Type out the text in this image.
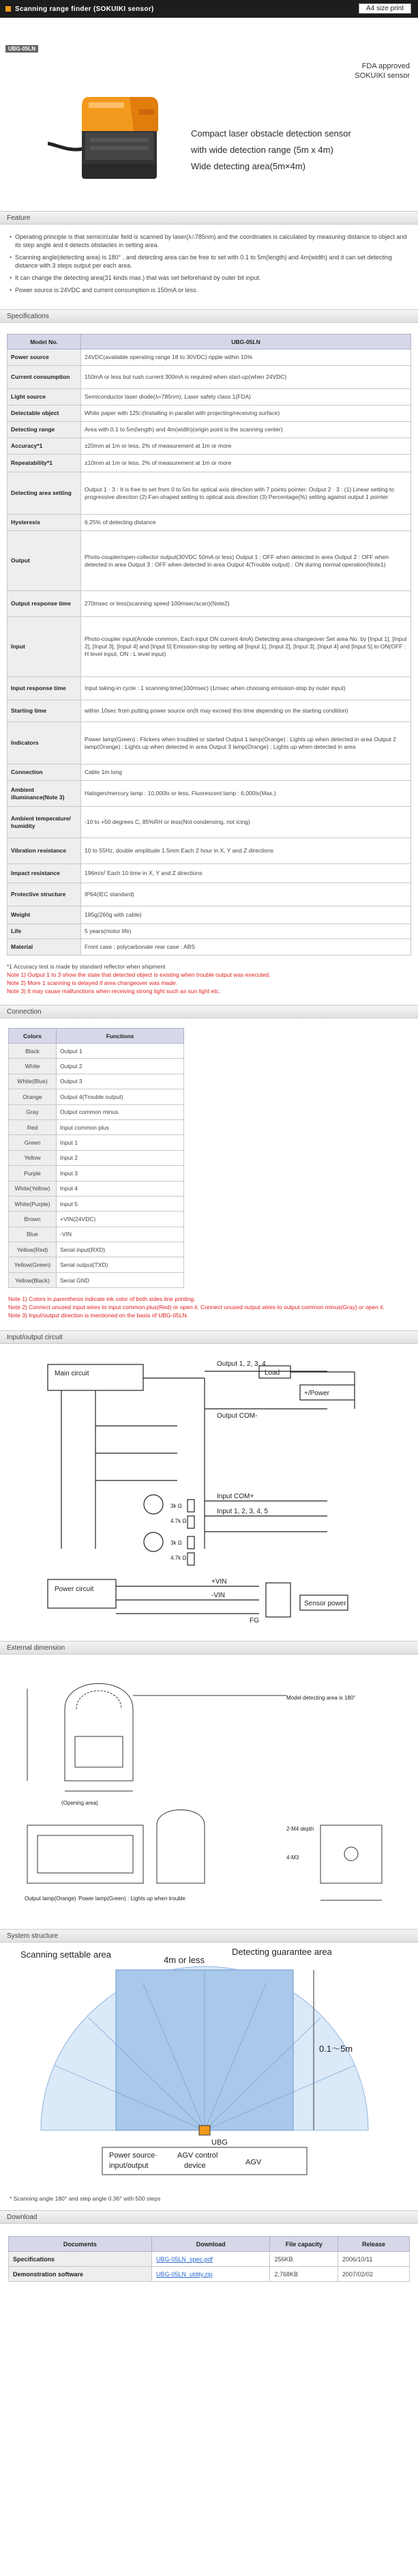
Scanning range finder (SOKUIKI sensor)	A4 size print
UBG-05LN
FDA approved
SOKUIKI sensor
Compact laser obstacle detection sensor
with wide detection range (5m x 4m)
Wide detecting area(5m×4m)
Feature
• Operating principle is that semicircular field is scanned by laser(λ=785nm) and the coordinates is calculated by measuring distance to object and its step angle and it detects obstacles in setting area.
• Scanning angle(detecting area) is 180° , and detecting area can be free to set with 0.1 to 5m(length) and 4m(width) and it can set detecting distance with 3 steps output per each area.
• It can change the detecting area(31 kinds max.) that was set beforehand by outer bit input.
• Power source is 24VDC and current consumption is 150mA or less.
Specifications
Model No.	UBG-05LN
Power source	24VDC(available operating range 18 to 30VDC) ripple within 10%
Current consumption	150mA or less but rush current 300mA is required when start-up(when 24VDC)
Light source	Semiconductor laser diode(λ=785nm), Laser safety class 1(FDA)
Detectable object	White paper with 125□(Installing in parallel with projecting/receiving surface)
Detecting range	Area with 0.1 to 5m(length) and 4m(width)(origin point is the scanning center)
Accuracy*1	±20mm at 1m or less, 2% of measurement at 1m or more
Repeatability*1	±10mm at 1m or less, 2% of measurement at 1m or more
Detecting area setting	Output 1 · 3 : It is free to set from 0 to 5m for optical axis direction with 7 points pointer. Output 2 · 3 : (1) Linear setting to progressive direction (2) Fan-shaped setting to optical axis direction (3) Percentage(%) setting against output 1 pointer
Hysteresis	6.25% of detecting distance
Output	Photo-coupler/open-collector output(30VDC 50mA or less) Output 1 : OFF when detected in area Output 2 : OFF when detected in area Output 3 : OFF when detected in area Output 4(Trouble output) : ON during normal operation(Note1)
Output response time	270msec or less(scanning speed 100msec/scan)(Note2)
Input	Photo-coupler input(Anode common, Each input ON current 4mA) Detecting area changeover Set area No. by [Input 1], [Input 2], [Input 3], [Input 4] and [Input 5] Emission-stop by setting all [Input 1], [Input 2], [Input 3], [Input 4] and [Input 5] to ON(OFF : H level input, ON : L level input)
Input response time	Input taking-in cycle : 1 scanning time(100msec) (1msec when choosing emission-stop by outer input)
Starting time	within 10sec from putting power source on(It may exceed this time depending on the starting condition)
Indicators	Power lamp(Green) : Flickers when troubled or started Output 1 lamp(Orange) : Lights up when detected in area Output 2 lamp(Orange) : Lights up when detected in area Output 3 lamp(Orange) : Lights up when detected in area
Connection	Cable 1m long
Ambient illuminance(Note 3)	Halogen/mercury lamp : 10,000lx or less, Fluorescent lamp : 6,000lx(Max.)
Ambient temperature/ humidity	-10 to +50 degrees C, 85%RH or less(Not condensing, not icing)
Vibration resistance	10 to 55Hz, double amplitude 1.5mm Each 2 hour in X, Y and Z directions
Impact resistance	196m/s² Each 10 time in X, Y and Z directions
Protective structure	IP64(IEC standard)
Weight	185g(260g with cable)
Life	5 years(motor life)
Material	Front case : polycarbonate rear case : ABS
*1 Accuracy test is made by standard reflector when shipment
Note 1) Output 1 to 3 show the state that detected object is existing when trouble output was executed.
Note 2) More 1 scanning is delayed if area changeover was made.
Note 3) It may cause malfunctions when receiving strong light such as sun light etc.
Connection
Colors	Functions
Black	Output 1
White	Output 2
White(Blue)	Output 3
Orange	Output 4(Trouble output)
Gray	Output common minus
Red	Input common plus
Green	Input 1
Yellow	Input 2
Purple	Input 3
White(Yellow)	Input 4
White(Purple)	Input 5
Brown	+VIN(24VDC)
Blue	-VIN
Yellow(Red)	Serial input(RXD)
Yellow(Green)	Serial output(TXD)
Yellow(Black)	Serial GND
Note 1) Colors in parenthesis indicate ink color of both sides line printing.
Note 2) Connect unused input wires to input common plus(Red) or open it. Connect unused output wires to output common minus(Gray) or open it.
Note 3) Input/output direction is mentioned on the basis of UBG-05LN.
Input/output circuit
Main circuit
Output 1, 2, 3, 4
Load
+/Power
Output COM-
Input COM+
Input 1, 2, 3, 4, 5
3k Ω
4.7k Ω
3k Ω
4.7k Ω
Power circuit
+VIN
-VIN
FG
Sensor power
External dimension
Model detecting area is 180°
(Opening area)
Output lamp(Orange) Power lamp(Green) : Lights up when trouble
2-M4 depth
4-M3
System structure
Scanning settable area	Detecting guarantee area
4m or less
0.1～5m
UBG
Power source·
input/output
AGV control
device	AGV
* Scanning angle 180° and step angle 0.36° with 500 steps
Download
Documents	Download	File capacity	Release
Specifications	UBG-05LN_spec.pdf	256KB	2006/10/11
Demonstration software	UBG-05LN_utility.zip	2,768KB	2007/02/02
